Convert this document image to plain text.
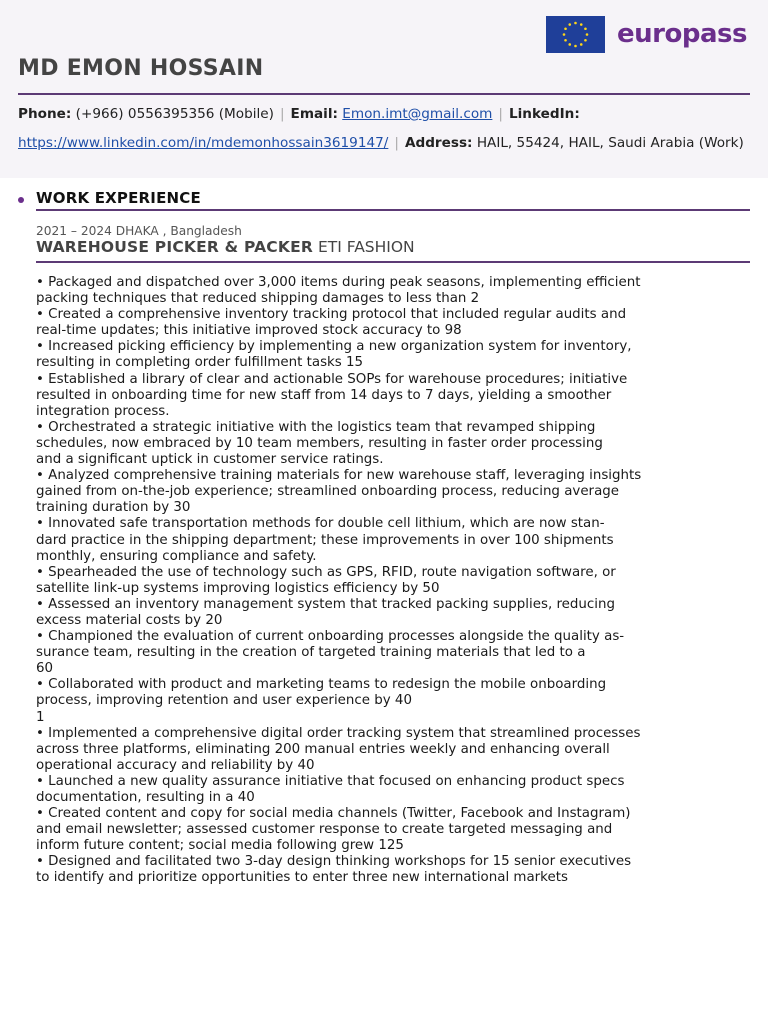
europass
MD EMON HOSSAIN
Phone: (+966) 0556395356 (Mobile) | Email: Emon.imt@gmail.com | LinkedIn:
https://www.linkedin.com/in/mdemonhossain3619147/ | Address: HAIL, 55424, HAIL, Saudi Arabia (Work)
WORK EXPERIENCE
2021 – 2024 DHAKA , Bangladesh
WAREHOUSE PICKER & PACKER ETI FASHION
• Packaged and dispatched over 3,000 items during peak seasons, implementing efficient
packing techniques that reduced shipping damages to less than 2
• Created a comprehensive inventory tracking protocol that included regular audits and
real-time updates; this initiative improved stock accuracy to 98
• Increased picking efficiency by implementing a new organization system for inventory,
resulting in completing order fulfillment tasks 15
• Established a library of clear and actionable SOPs for warehouse procedures; initiative
resulted in onboarding time for new staff from 14 days to 7 days, yielding a smoother
integration process.
• Orchestrated a strategic initiative with the logistics team that revamped shipping
schedules, now embraced by 10 team members, resulting in faster order processing
and a significant uptick in customer service ratings.
• Analyzed comprehensive training materials for new warehouse staff, leveraging insights
gained from on-the-job experience; streamlined onboarding process, reducing average
training duration by 30
• Innovated safe transportation methods for double cell lithium, which are now stan-
dard practice in the shipping department; these improvements in over 100 shipments
monthly, ensuring compliance and safety.
• Spearheaded the use of technology such as GPS, RFID, route navigation software, or
satellite link-up systems improving logistics efficiency by 50
• Assessed an inventory management system that tracked packing supplies, reducing
excess material costs by 20
• Championed the evaluation of current onboarding processes alongside the quality as-
surance team, resulting in the creation of targeted training materials that led to a
60
• Collaborated with product and marketing teams to redesign the mobile onboarding
process, improving retention and user experience by 40
1
• Implemented a comprehensive digital order tracking system that streamlined processes
across three platforms, eliminating 200 manual entries weekly and enhancing overall
operational accuracy and reliability by 40
• Launched a new quality assurance initiative that focused on enhancing product specs
documentation, resulting in a 40
• Created content and copy for social media channels (Twitter, Facebook and Instagram)
and email newsletter; assessed customer response to create targeted messaging and
inform future content; social media following grew 125
• Designed and facilitated two 3-day design thinking workshops for 15 senior executives
to identify and prioritize opportunities to enter three new international markets
